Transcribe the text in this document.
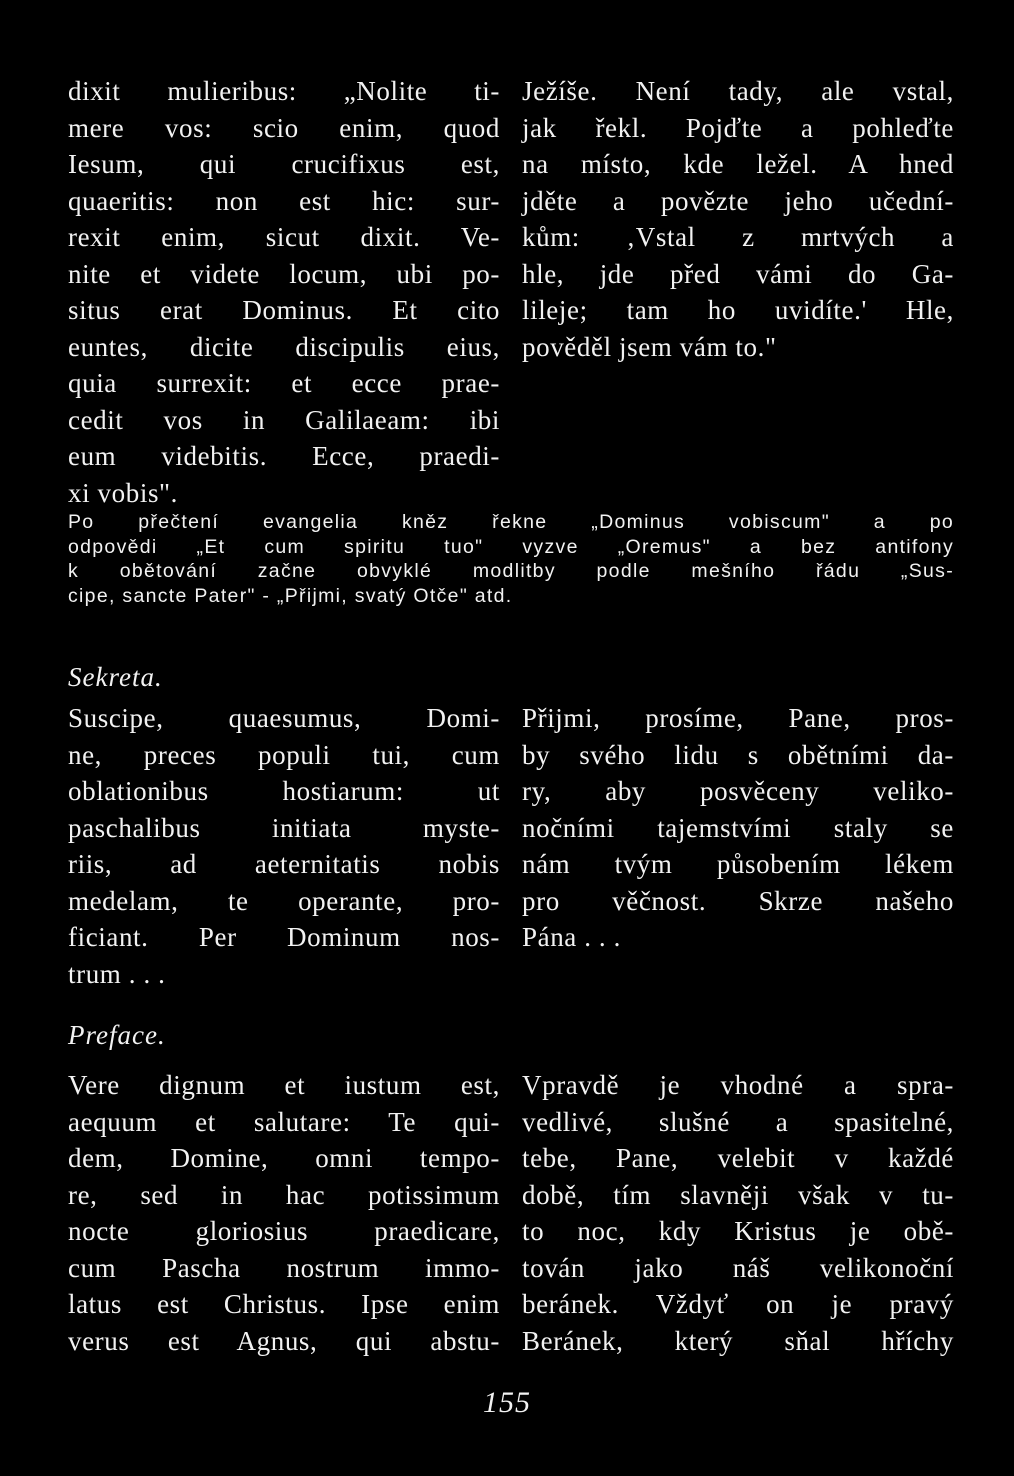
dixit mulieribus: „Nolite ti-
mere vos: scio enim, quod
Iesum, qui crucifixus est,
quaeritis: non est hic: sur-
rexit enim, sicut dixit. Ve-
nite et videte locum, ubi po-
situs erat Dominus. Et cito
euntes, dicite discipulis eius,
quia surrexit: et ecce prae-
cedit vos in Galilaeam: ibi
eum videbitis. Ecce, praedi-
xi vobis".
Ježíše. Není tady, ale vstal,
jak řekl. Pojďte a pohleďte
na místo, kde ležel. A hned
jděte a povězte jeho učední-
kům: ‚Vstal z mrtvých a
hle, jde před vámi do Ga-
lileje; tam ho uvidíte.' Hle,
pověděl jsem vám to."
Po přečtení evangelia kněz řekne „Dominus vobiscum" a po
odpovědi „Et cum spiritu tuo" vyzve „Oremus" a bez antifony
k obětování začne obvyklé modlitby podle mešního řádu „Sus-
cipe, sancte Pater" - „Přijmi, svatý Otče" atd.
Sekreta.
Suscipe, quaesumus, Domi-
ne, preces populi tui, cum
oblationibus hostiarum: ut
paschalibus initiata myste-
riis, ad aeternitatis nobis
medelam, te operante, pro-
ficiant. Per Dominum nos-
trum . . .
Přijmi, prosíme, Pane, pros-
by svého lidu s obětními da-
ry, aby posvěceny veliko-
nočními tajemstvími staly se
nám tvým působením lékem
pro věčnost. Skrze našeho
Pána . . .
Preface.
Vere dignum et iustum est,
aequum et salutare: Te qui-
dem, Domine, omni tempo-
re, sed in hac potissimum
nocte gloriosius praedicare,
cum Pascha nostrum immo-
latus est Christus. Ipse enim
verus est Agnus, qui abstu-
Vpravdě je vhodné a spra-
vedlivé, slušné a spasitelné,
tebe, Pane, velebit v každé
době, tím slavněji však v tu-
to noc, kdy Kristus je obě-
tován jako náš velikonoční
beránek. Vždyť on je pravý
Beránek, který sňal hříchy
155
